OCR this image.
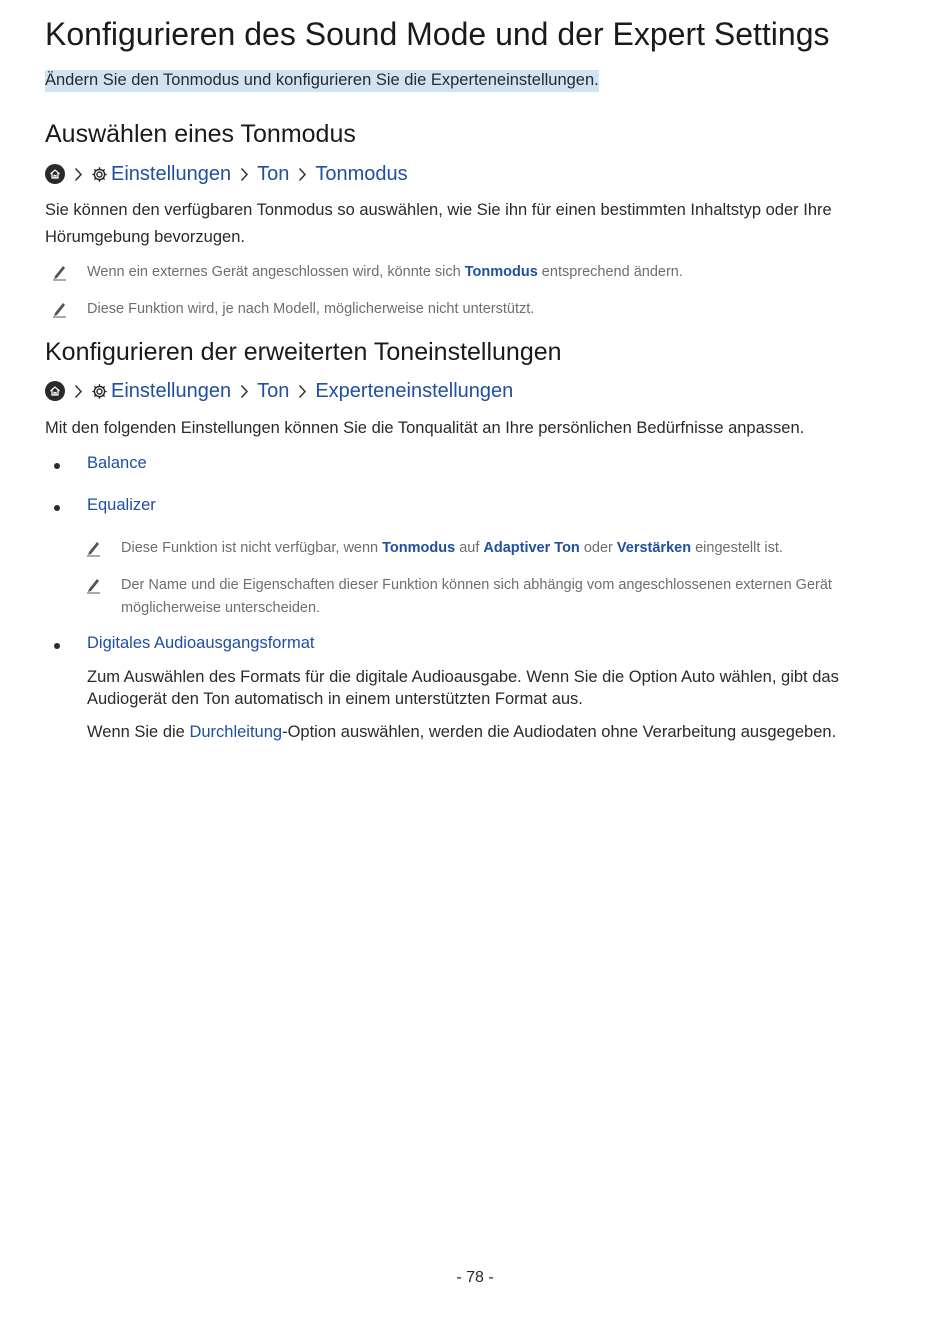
Konfigurieren des Sound Mode und der Expert Settings
Ändern Sie den Tonmodus und konfigurieren Sie die Experteneinstellungen.
Auswählen eines Tonmodus
Einstellungen Ton Tonmodus
Sie können den verfügbaren Tonmodus so auswählen, wie Sie ihn für einen bestimmten Inhaltstyp oder Ihre Hörumgebung bevorzugen.
Wenn ein externes Gerät angeschlossen wird, könnte sich Tonmodus entsprechend ändern.
Diese Funktion wird, je nach Modell, möglicherweise nicht unterstützt.
Konfigurieren der erweiterten Toneinstellungen
Einstellungen Ton Experteneinstellungen
Mit den folgenden Einstellungen können Sie die Tonqualität an Ihre persönlichen Bedürfnisse anpassen.
Balance
Equalizer
Diese Funktion ist nicht verfügbar, wenn Tonmodus auf Adaptiver Ton oder Verstärken eingestellt ist.
Der Name und die Eigenschaften dieser Funktion können sich abhängig vom angeschlossenen externen Gerät möglicherweise unterscheiden.
Digitales Audioausgangsformat
Zum Auswählen des Formats für die digitale Audioausgabe. Wenn Sie die Option Auto wählen, gibt das Audiogerät den Ton automatisch in einem unterstützten Format aus.
Wenn Sie die Durchleitung-Option auswählen, werden die Audiodaten ohne Verarbeitung ausgegeben.
- 78 -
